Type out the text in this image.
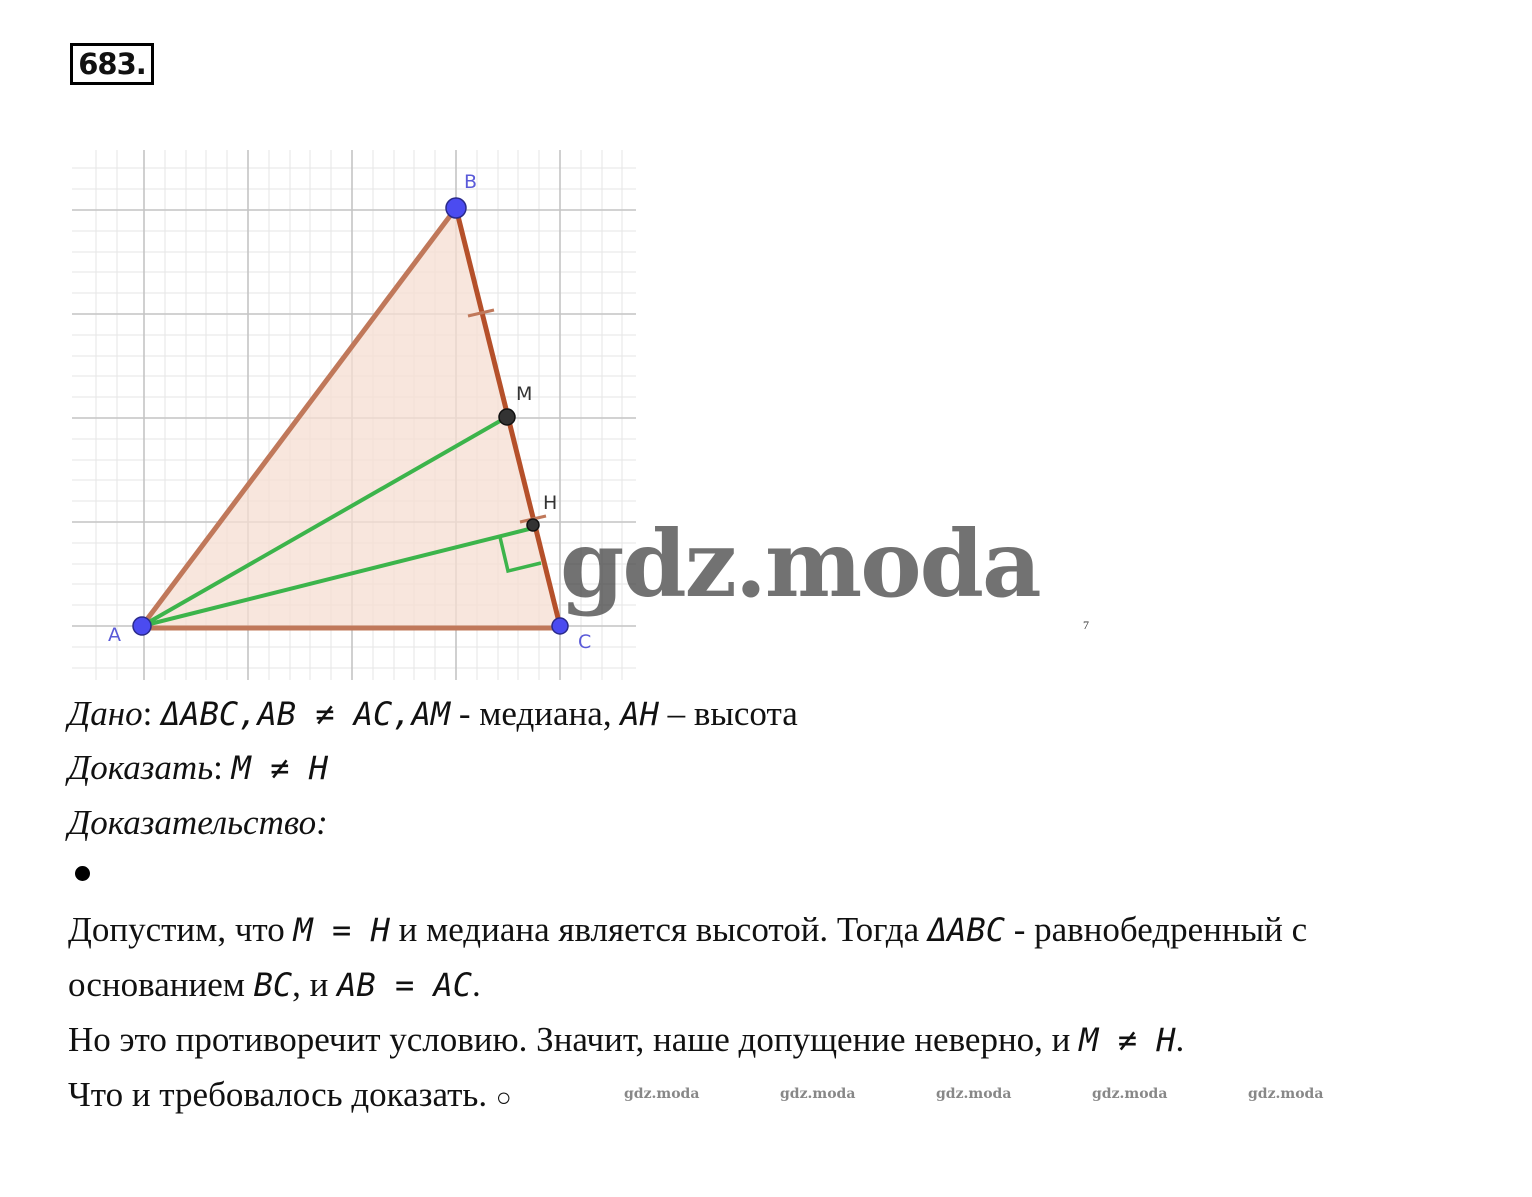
683.
A
B
C
M
H
gdz.moda
7
Дано: ΔABC,AB ≠ AC,AM - медиана, AH – высота
Доказать: M ≠ H
Доказательство:
Допустим, что M = H и медиана является высотой. Тогда ΔABC - равнобедренный с
основанием BC, и AB = AC.
Но это противоречит условию. Значит, наше допущение неверно, и M ≠ H.
Что и требовалось доказать. ○	gdz.moda	gdz.moda	gdz.moda	gdz.moda	gdz.moda
